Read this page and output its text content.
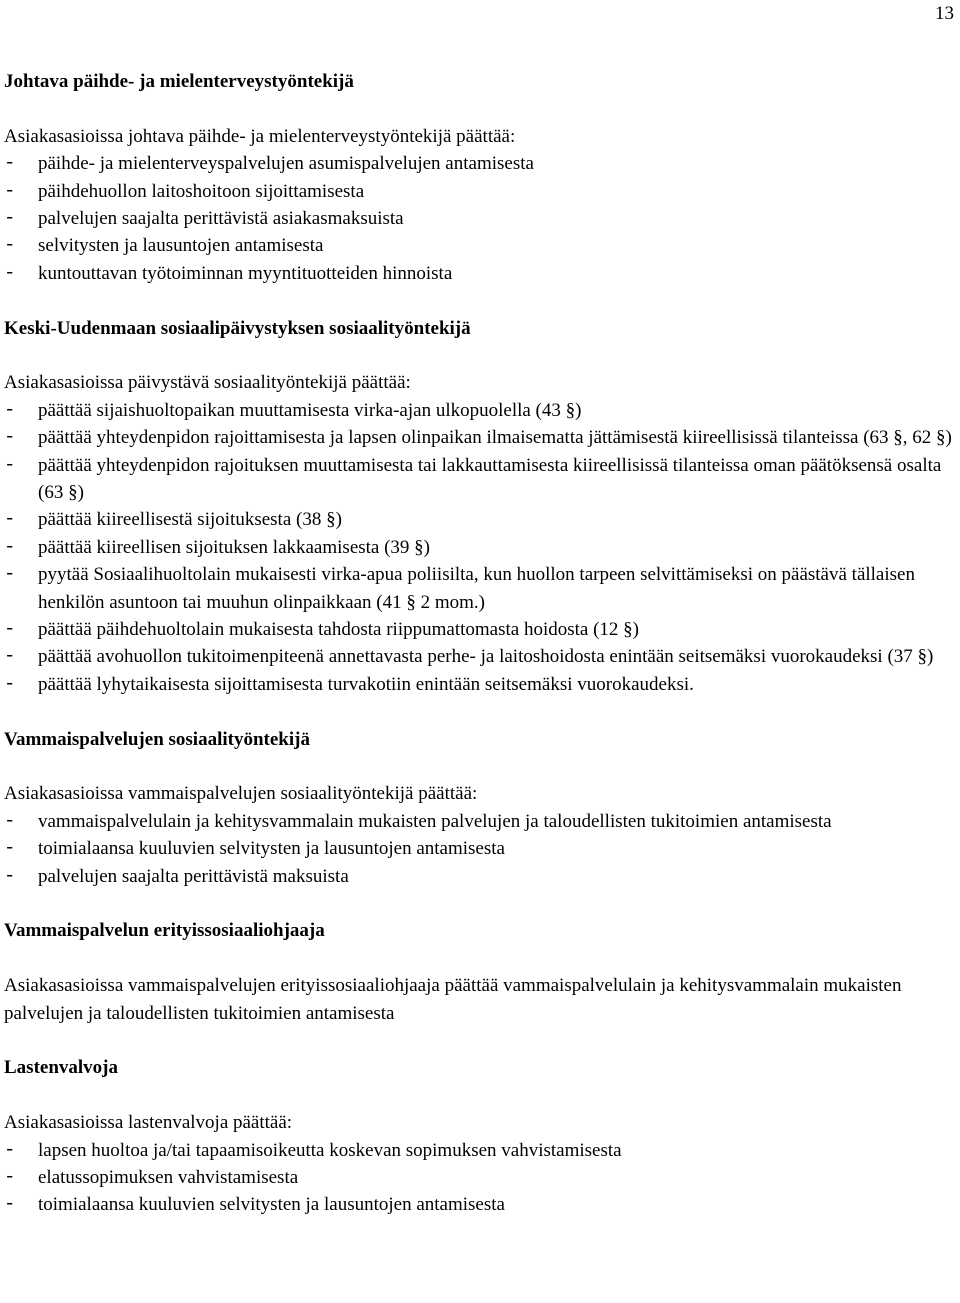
13
Johtava päihde- ja mielenterveystyöntekijä

Asiakasasioissa johtava päihde- ja mielenterveystyöntekijä päättää:

- päihde- ja mielenterveyspalvelujen asumispalvelujen antamisesta
- päihdehuollon laitoshoitoon sijoittamisesta
- palvelujen saajalta perittävistä asiakasmaksuista
- selvitysten ja lausuntojen antamisesta
- kuntouttavan työtoiminnan myyntituotteiden hinnoista
Keski-Uudenmaan sosiaalipäivystyksen sosiaalityöntekijä

Asiakasasioissa päivystävä sosiaalityöntekijä päättää:

- päättää sijaishuoltopaikan muuttamisesta virka-ajan ulkopuolella (43 §)
- päättää yhteydenpidon rajoittamisesta ja lapsen olinpaikan ilmaisematta jättämisestä kiireellisissä tilanteissa (63 §, 62 §)
- päättää yhteydenpidon rajoituksen muuttamisesta tai lakkauttamisesta kiireellisissä tilanteissa oman päätöksensä osalta (63 §)
- päättää kiireellisestä sijoituksesta (38 §)
- päättää kiireellisen sijoituksen lakkaamisesta (39 §)
- pyytää Sosiaalihuoltolain mukaisesti virka-apua poliisilta, kun huollon tarpeen selvittämiseksi on päästävä tällaisen henkilön asuntoon tai muuhun olinpaikkaan (41 § 2 mom.)
- päättää päihdehuoltolain mukaisesta tahdosta riippumattomasta hoidosta (12 §)
- päättää avohuollon tukitoimenpiteenä annettavasta perhe- ja laitoshoidosta enintään seitsemäksi vuorokaudeksi (37 §)
- päättää lyhytaikaisesta sijoittamisesta turvakotiin enintään seitsemäksi vuorokaudeksi.
Vammaispalvelujen sosiaalityöntekijä

Asiakasasioissa vammaispalvelujen sosiaalityöntekijä päättää:

- vammaispalvelulain ja kehitysvammalain mukaisten palvelujen ja taloudellisten tukitoimien antamisesta
- toimialaansa kuuluvien selvitysten ja lausuntojen antamisesta
- palvelujen saajalta perittävistä maksuista
Vammaispalvelun erityissosiaaliohjaaja

Asiakasasioissa vammaispalvelujen erityissosiaaliohjaaja päättää vammaispalvelulain ja kehitysvammalain mukaisten palvelujen ja taloudellisten tukitoimien antamisesta

Lastenvalvoja

Asiakasasioissa lastenvalvoja päättää:

- lapsen huoltoa ja/tai tapaamisoikeutta koskevan sopimuksen vahvistamisesta
- elatussopimuksen vahvistamisesta
- toimialaansa kuuluvien selvitysten ja lausuntojen antamisesta
